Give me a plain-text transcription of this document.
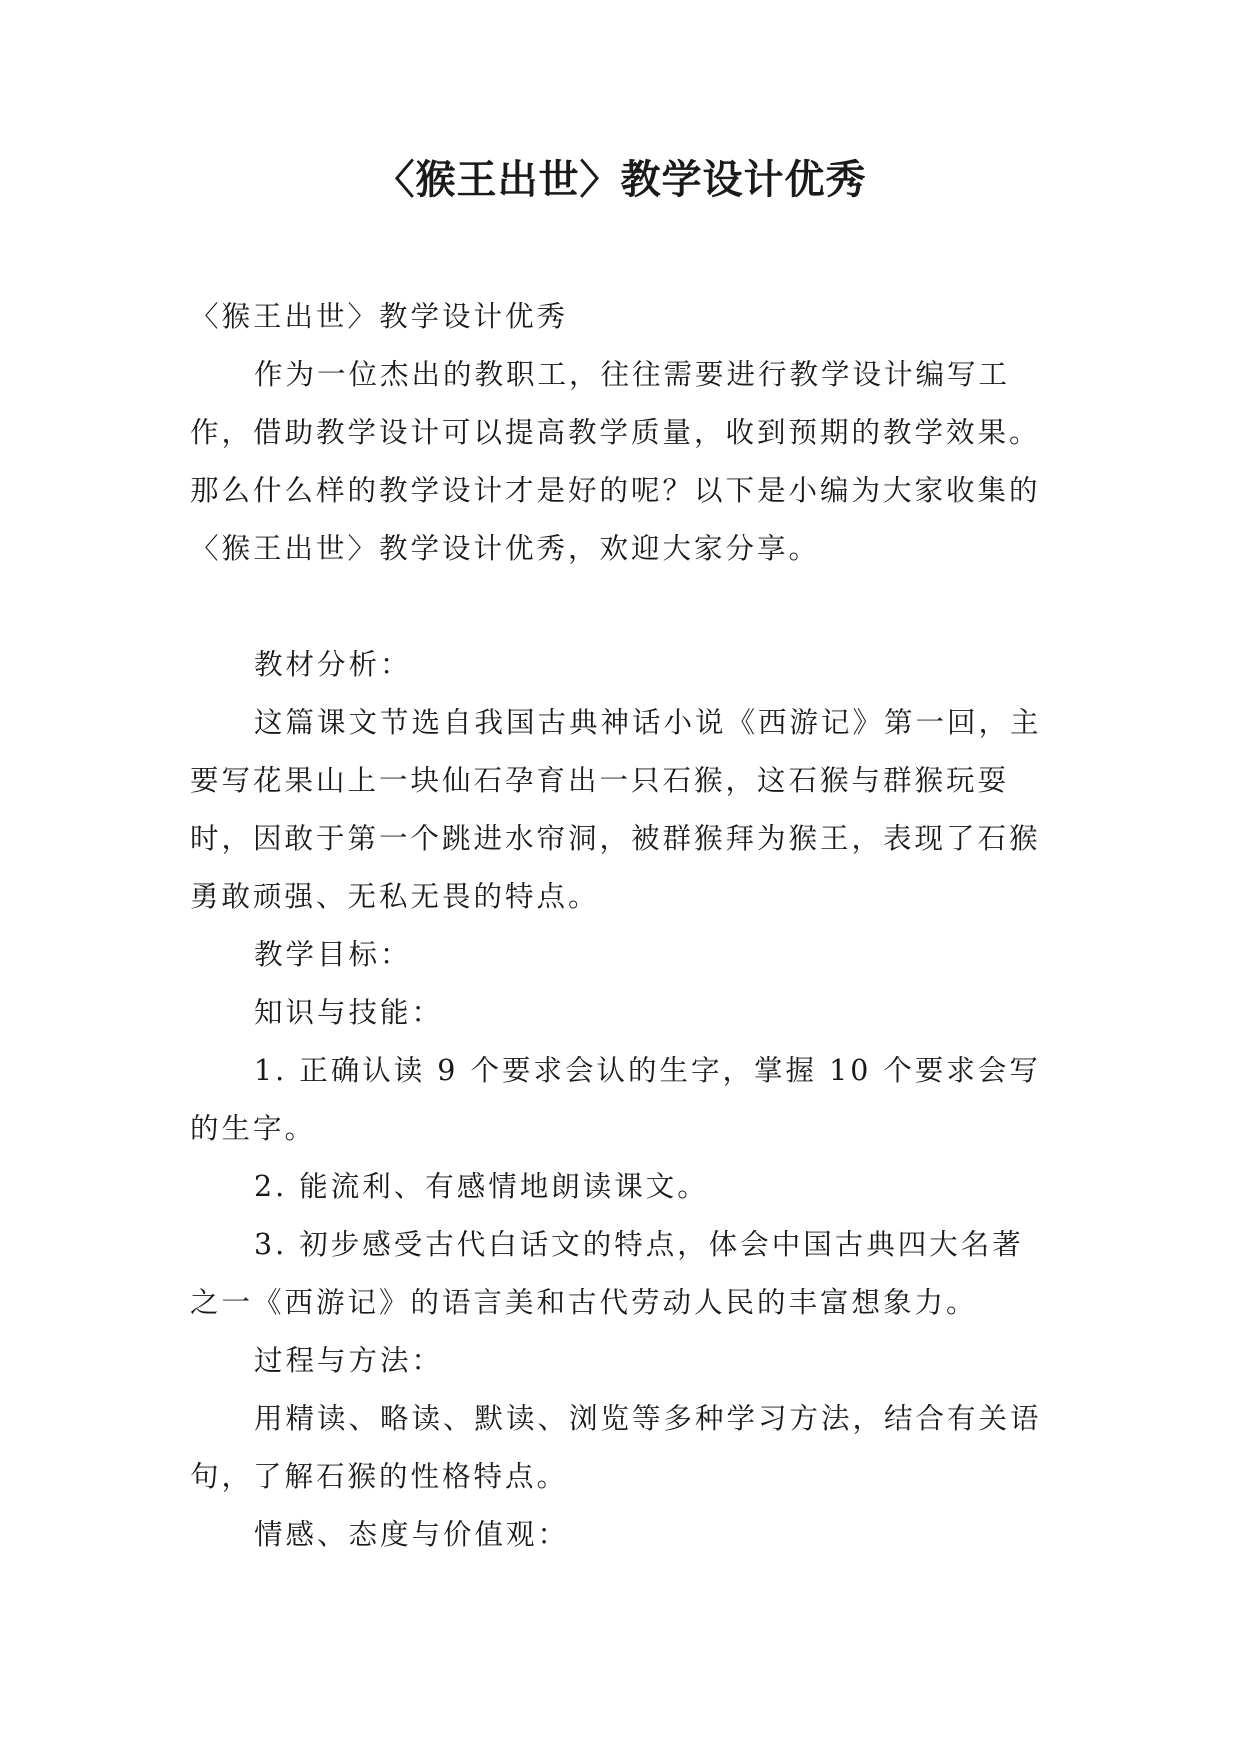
〈猴王出世〉教学设计优秀

〈猴王出世〉教学设计优秀

作为一位杰出的教职工，往往需要进行教学设计编写工作，借助教学设计可以提高教学质量，收到预期的教学效果。那么什么样的教学设计才是好的呢？以下是小编为大家收集的〈猴王出世〉教学设计优秀，欢迎大家分享。

教材分析：

这篇课文节选自我国古典神话小说《西游记》第一回，主要写花果山上一块仙石孕育出一只石猴，这石猴与群猴玩耍时，因敢于第一个跳进水帘洞，被群猴拜为猴王，表现了石猴勇敢顽强、无私无畏的特点。

教学目标：

知识与技能：

1. 正确认读 9 个要求会认的生字，掌握 10 个要求会写的生字。

2. 能流利、有感情地朗读课文。

3. 初步感受古代白话文的特点，体会中国古典四大名著之一《西游记》的语言美和古代劳动人民的丰富想象力。

过程与方法：

用精读、略读、默读、浏览等多种学习方法，结合有关语句，了解石猴的性格特点。

情感、态度与价值观：
